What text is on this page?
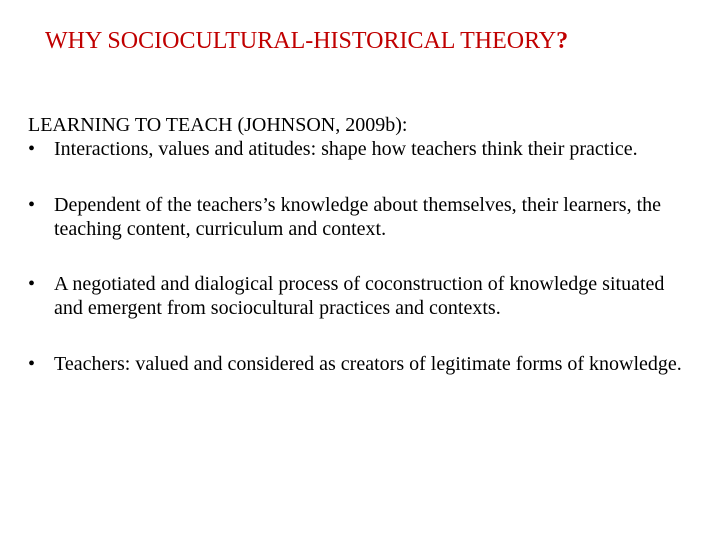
WHY SOCIOCULTURAL-HISTORICAL THEORY?

LEARNING TO TEACH (JOHNSON, 2009b):

• Interactions, values and atitudes: shape how teachers think their practice.
• Dependent of the teachers’s knowledge about themselves, their learners, the teaching content, curriculum and context.
• A negotiated and dialogical process of coconstruction of knowledge situated and emergent from sociocultural practices and contexts.
• Teachers: valued and considered as creators of legitimate forms of knowledge.
